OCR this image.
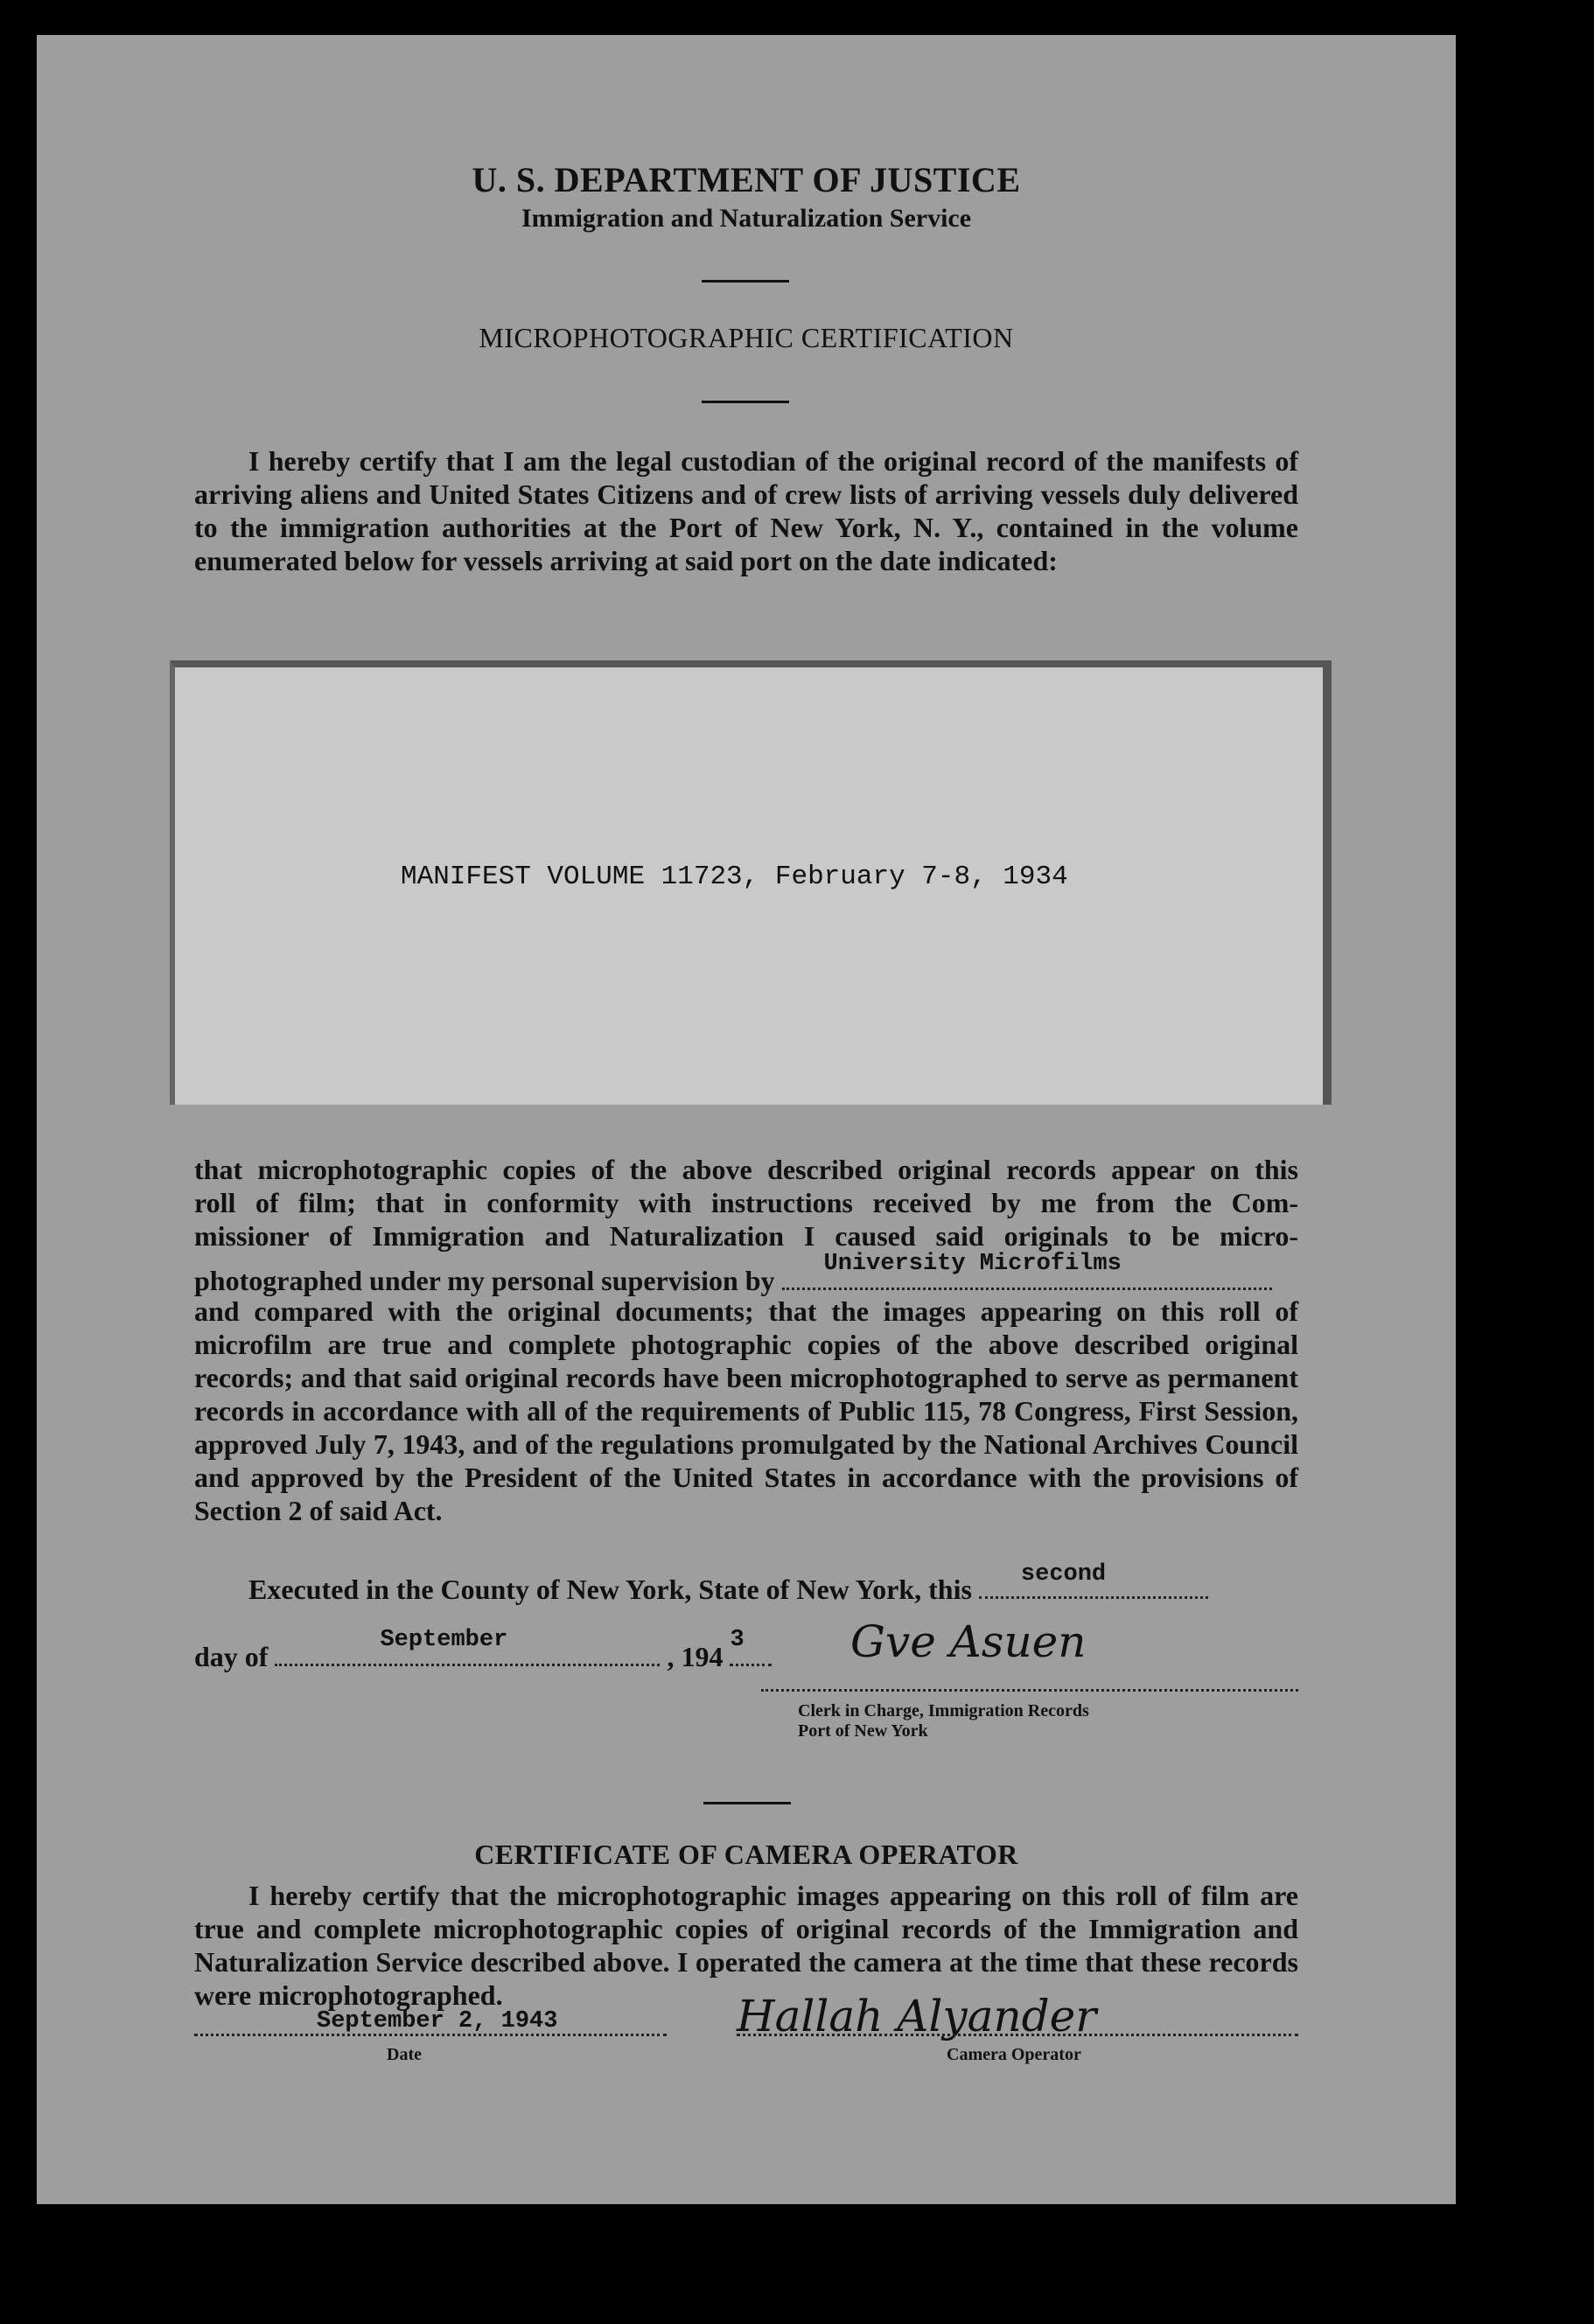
U. S. DEPARTMENT OF JUSTICE
Immigration and Naturalization Service
MICROPHOTOGRAPHIC CERTIFICATION
I hereby certify that I am the legal custodian of the original record of the manifests of arriving aliens and United States Citizens and of crew lists of arriving vessels duly delivered to the immigration authorities at the Port of New York, N. Y., contained in the volume enumerated below for vessels arriving at said port on the date indicated:
MANIFEST VOLUME 11723, February 7-8, 1934
that microphotographic copies of the above described original records appear on this
roll of film; that in conformity with instructions received by me from the Com-
missioner of Immigration and Naturalization I caused said originals to be micro-
photographed under my personal supervision by
University Microfilms
and compared with the original documents; that the images appearing on this roll of microfilm are true and complete photographic copies of the above described original records; and that said original records have been microphotographed to serve as permanent records in accordance with all of the requirements of Public 115, 78 Congress, First Session, approved July 7, 1943, and of the regulations promulgated by the National Archives Council and approved by the President of the United States in accordance with the provisions of Section 2 of said Act.
Executed in the County of New York, State of New York, this second
day of
September
, 194
3 Gve Asuen
Clerk in Charge, Immigration Records
Port of New York
CERTIFICATE OF CAMERA OPERATOR
I hereby certify that the microphotographic images appearing on this roll of film are true and complete microphotographic copies of original records of the Immigration and Naturalization Service described above. I operated the camera at the time that these records were microphotographed.
September 2, 1943
Date
Hallah Alyander
Camera Operator
